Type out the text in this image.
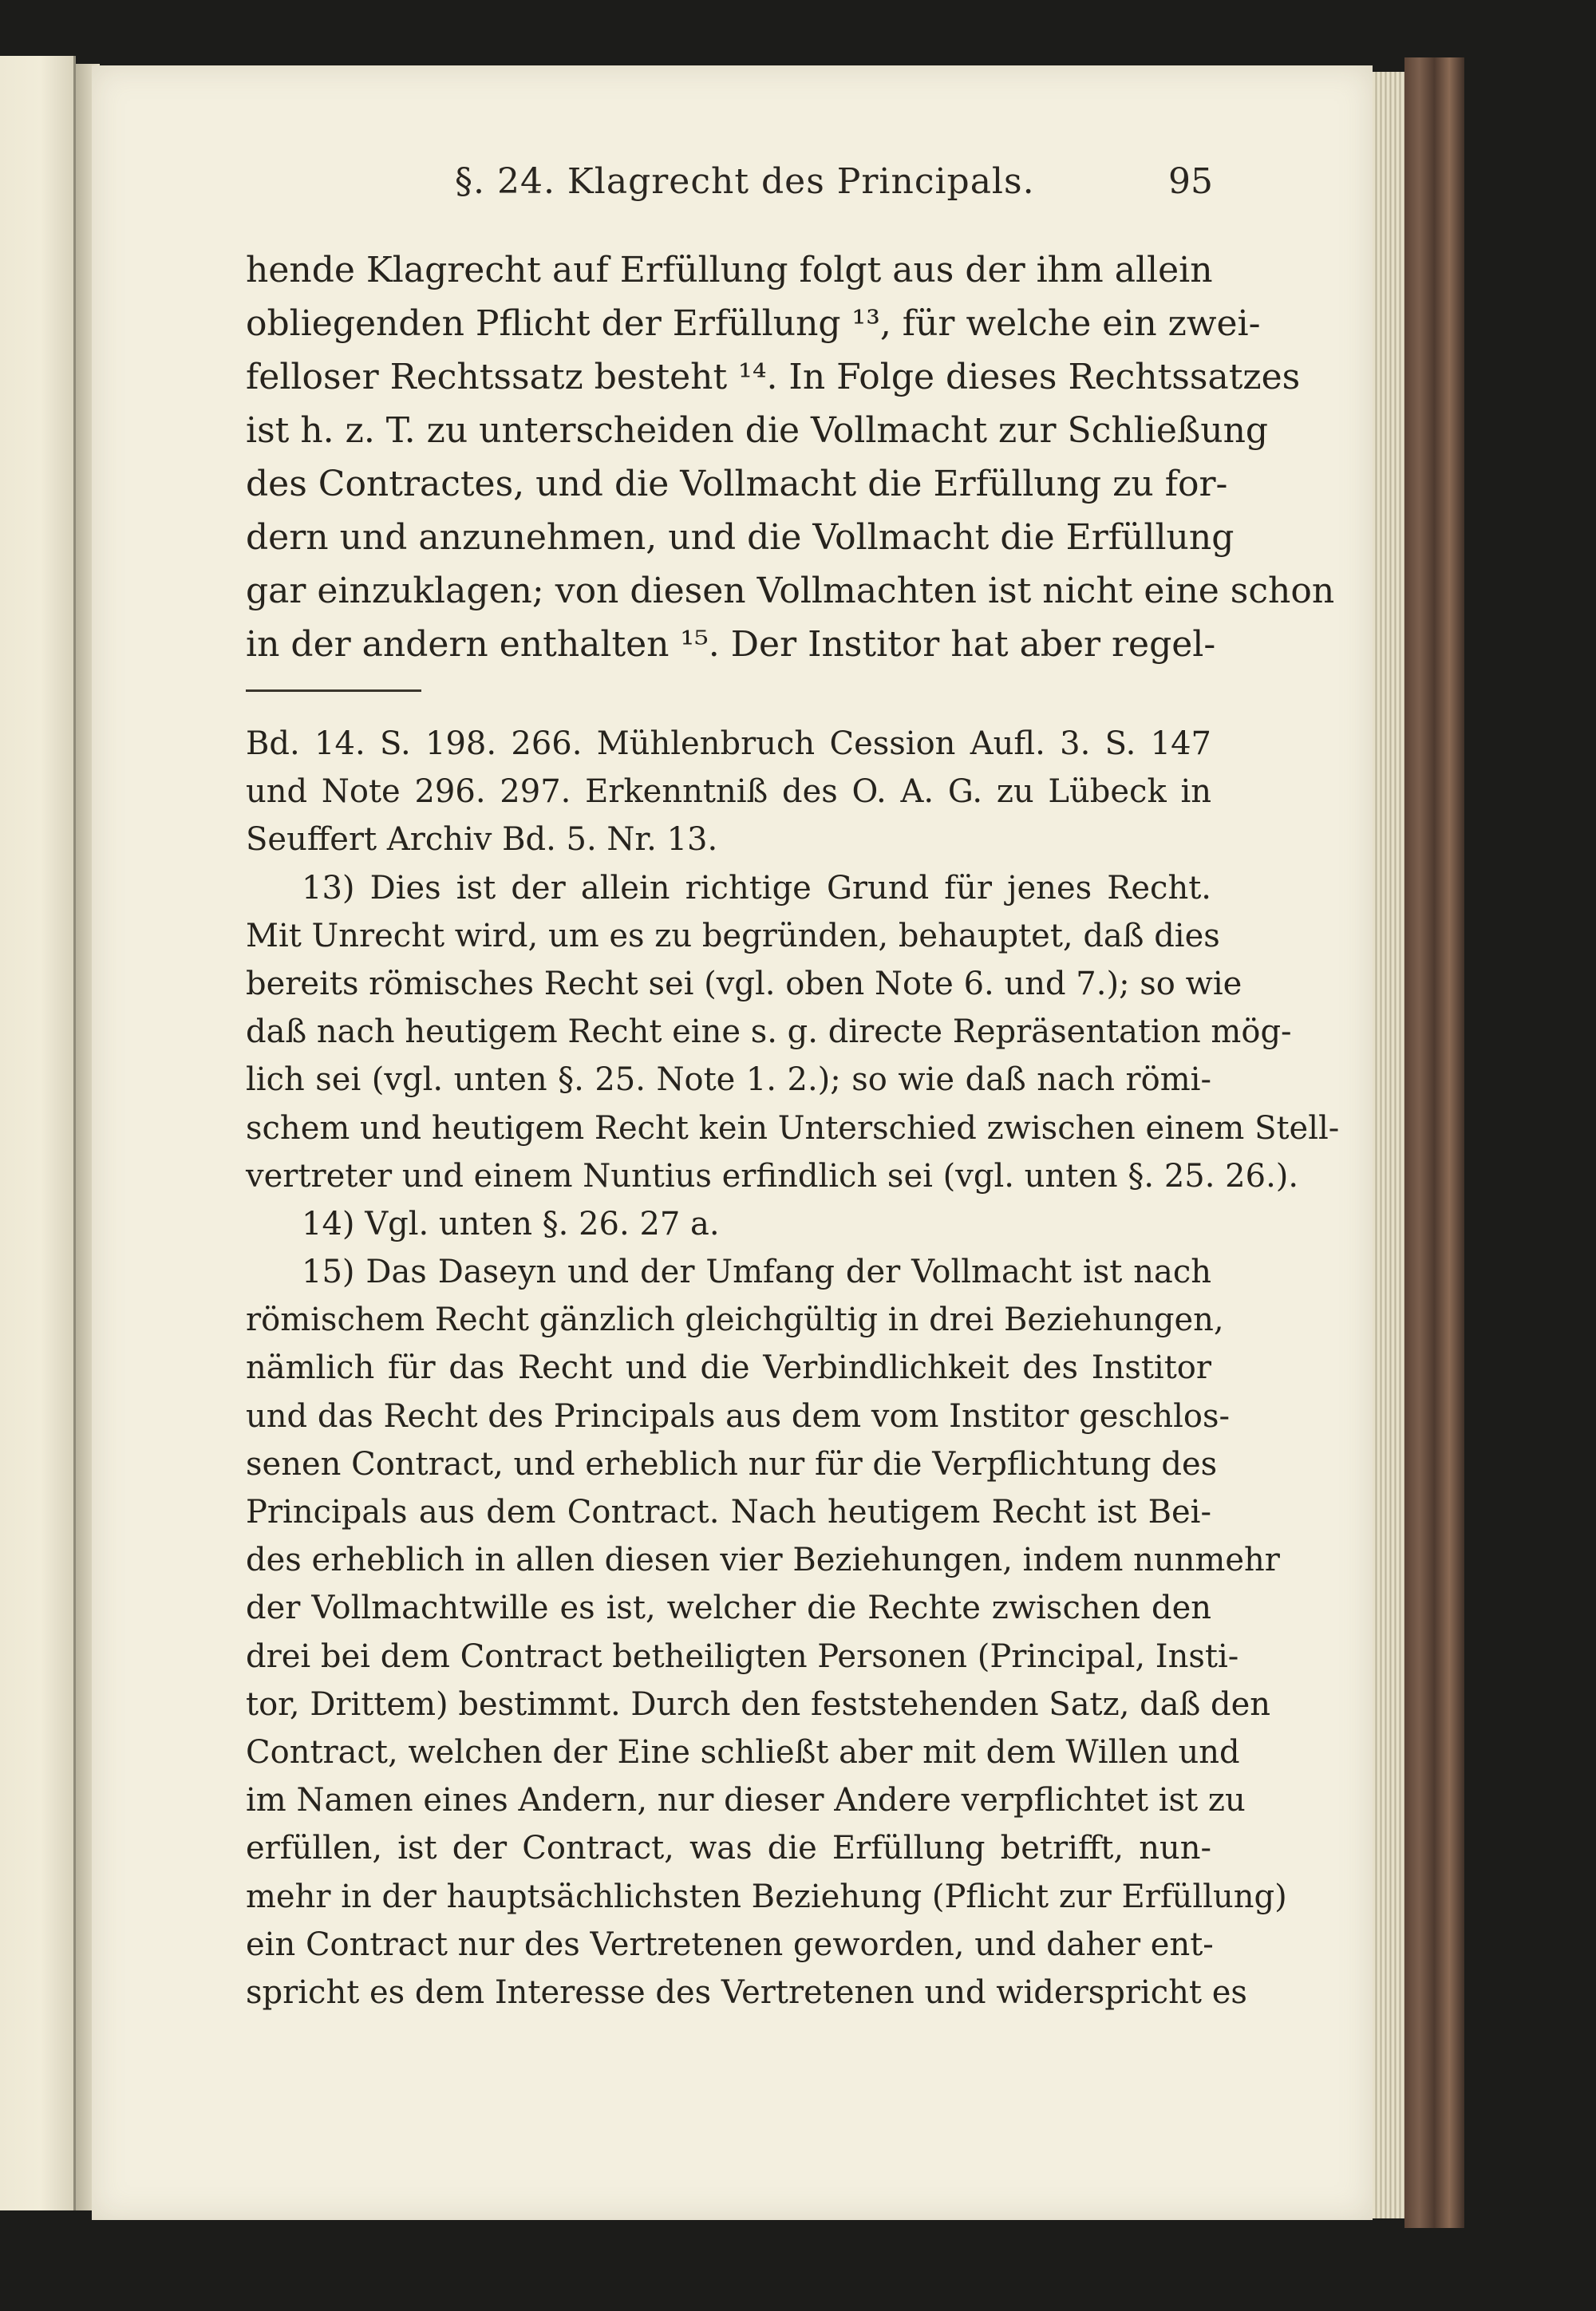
§. 24. Klagrecht des Principals.	95
hende Klagrecht auf Erfüllung folgt aus der ihm allein
obliegenden Pflicht der Erfüllung ¹³, für welche ein zwei-
felloser Rechtssatz besteht ¹⁴. In Folge dieses Rechtssatzes
ist h. z. T. zu unterscheiden die Vollmacht zur Schließung
des Contractes, und die Vollmacht die Erfüllung zu for-
dern und anzunehmen, und die Vollmacht die Erfüllung
gar einzuklagen; von diesen Vollmachten ist nicht eine schon
in der andern enthalten ¹⁵. Der Institor hat aber regel-
Bd. 14. S. 198. 266. Mühlenbruch Cession Aufl. 3. S. 147
und Note 296. 297. Erkenntniß des O. A. G. zu Lübeck in
Seuffert Archiv Bd. 5. Nr. 13.
13) Dies ist der allein richtige Grund für jenes Recht.
Mit Unrecht wird, um es zu begründen, behauptet, daß dies
bereits römisches Recht sei (vgl. oben Note 6. und 7.); so wie
daß nach heutigem Recht eine s. g. directe Repräsentation mög-
lich sei (vgl. unten §. 25. Note 1. 2.); so wie daß nach römi-
schem und heutigem Recht kein Unterschied zwischen einem Stell-
vertreter und einem Nuntius erfindlich sei (vgl. unten §. 25. 26.).
14) Vgl. unten §. 26. 27 a.
15) Das Daseyn und der Umfang der Vollmacht ist nach
römischem Recht gänzlich gleichgültig in drei Beziehungen,
nämlich für das Recht und die Verbindlichkeit des Institor
und das Recht des Principals aus dem vom Institor geschlos-
senen Contract, und erheblich nur für die Verpflichtung des
Principals aus dem Contract. Nach heutigem Recht ist Bei-
des erheblich in allen diesen vier Beziehungen, indem nunmehr
der Vollmachtwille es ist, welcher die Rechte zwischen den
drei bei dem Contract betheiligten Personen (Principal, Insti-
tor, Drittem) bestimmt. Durch den feststehenden Satz, daß den
Contract, welchen der Eine schließt aber mit dem Willen und
im Namen eines Andern, nur dieser Andere verpflichtet ist zu
erfüllen, ist der Contract, was die Erfüllung betrifft, nun-
mehr in der hauptsächlichsten Beziehung (Pflicht zur Erfüllung)
ein Contract nur des Vertretenen geworden, und daher ent-
spricht es dem Interesse des Vertretenen und widerspricht es
